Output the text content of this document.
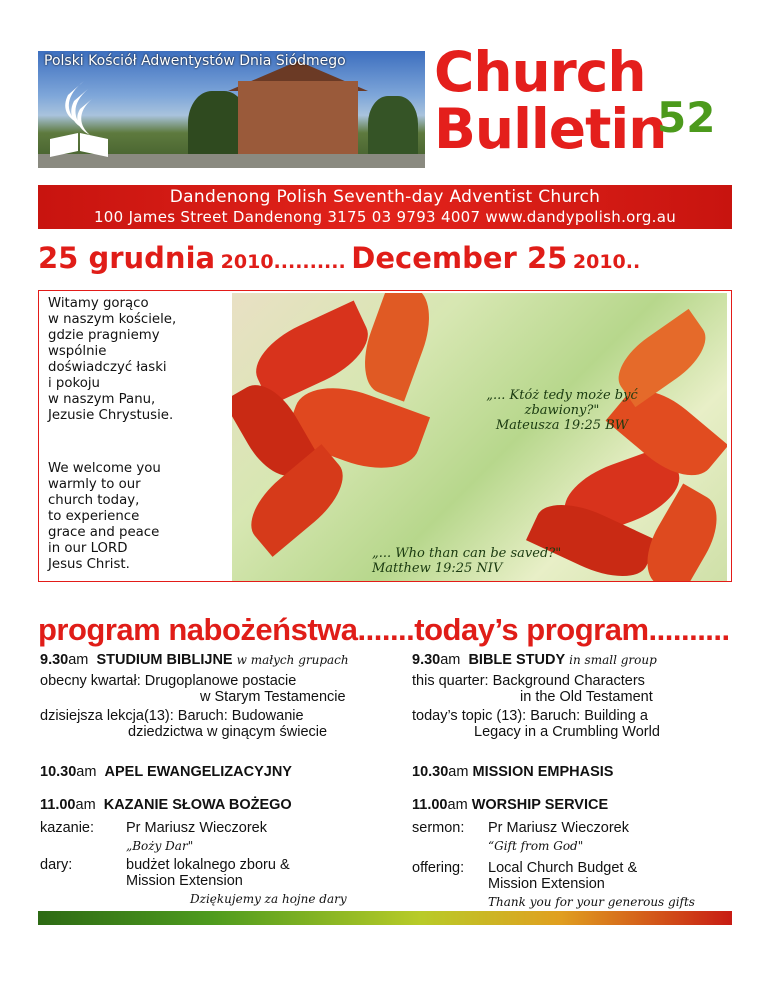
Polski Kościół Adwentystów Dnia Siódmego Church
Bulletin
52
Dandenong Polish Seventh-day Adventist Church
100 James Street Dandenong 3175 03 9793 4007 www.dandypolish.org.au
25 grudnia 2010.......... December 25 2010..
Witamy gorąco
w naszym kościele,
gdzie pragniemy
wspólnie
doświadczyć łaski
i pokoju
w naszym Panu,
Jezusie Chrystusie.
We welcome you
warmly to our
church today,
to experience
grace and peace
in our LORD
Jesus Christ.
„... Któż tedy może być
zbawiony?"
Mateusza 19:25 BW
„... Who than can be saved?"
Matthew 19:25 NIV
program nabożeństwa.......today’s program..........
9.30am STUDIUM BIBLIJNE w małych grupach
obecny kwartał: Drugoplanowe postacie
w Starym Testamencie
dzisiejsza lekcja(13): Baruch: Budowanie
dziedzictwa w ginącym świecie
10.30am APEL EWANGELIZACYJNY
11.00am KAZANIE SŁOWA BOŻEGO
kazanie: Pr Mariusz Wieczorek
„Boży Dar"
dary:	budżet lokalnego zboru &
Mission Extension
Dziękujemy za hojne dary
9.30am BIBLE STUDY in small group
this quarter: Background Characters
in the Old Testament
today’s topic (13): Baruch: Building a
Legacy in a Crumbling World
10.30am MISSION EMPHASIS
11.00am WORSHIP SERVICE
sermon: Pr Mariusz Wieczorek
“Gift from God"
offering: Local Church Budget &
Mission Extension
Thank you for your generous gifts
